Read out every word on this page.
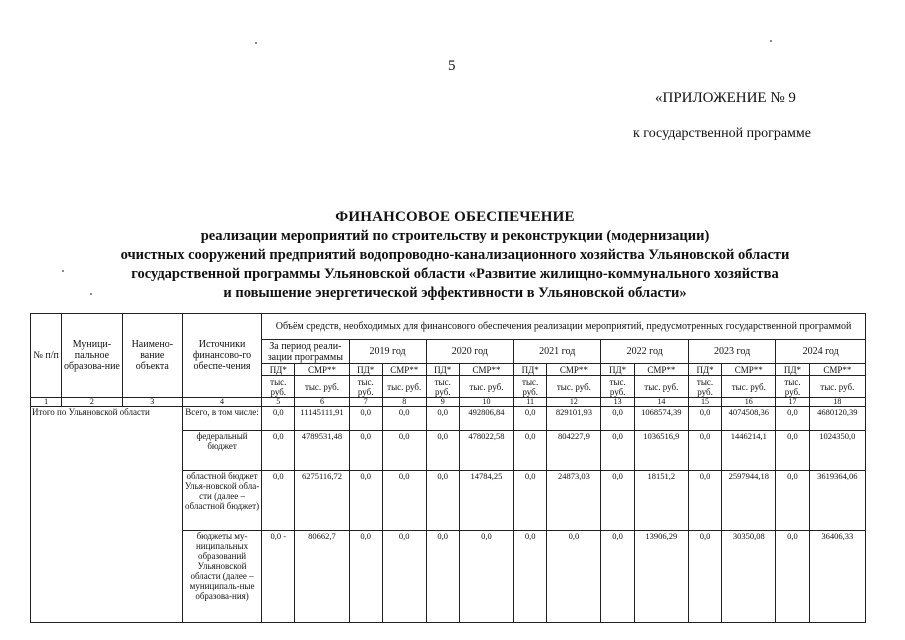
5
«ПРИЛОЖЕНИЕ № 9
к государственной программе
ФИНАНСОВОЕ ОБЕСПЕЧЕНИЕ
реализации мероприятий по строительству и реконструкции (модернизации)
очистных сооружений предприятий водопроводно-канализационного хозяйства Ульяновской области
государственной программы Ульяновской области «Развитие жилищно-коммунального хозяйства
и повышение энергетической эффективности в Ульяновской области»
№ п/п	Муници-пальное образова-ние	Наимено-вание объекта	Источники финансово-го обеспе-чения	Объём средств, необходимых для финансового обеспечения реализации мероприятий, предусмотренных государственной программой													
				За период реали-зации программы		2019 год		2020 год		2021 год		2022 год		2023 год		2024 год	
				ПД*	СМР**	ПД*	СМР**	ПД*	СМР**	ПД*	СМР**	ПД*	СМР**	ПД*	СМР**	ПД*	СМР**
				тыс. руб.	тыс. руб.	тыс. руб.	тыс. руб.	тыс. руб.	тыс. руб.	тыс. руб.	тыс. руб.	тыс. руб.	тыс. руб.	тыс. руб.	тыс. руб.	тыс. руб.	тыс. руб.
1	2	3	4	5	6	7	8	9	10	11	12	13	14	15	16	17	18
Итого по Ульяновской области			Всего, в том числе:	0,0	11145111,91	0,0	0,0	0,0	492806,84	0,0	829101,93	0,0	1068574,39	0,0	4074508,36	0,0	4680120,39
			федеральный бюджет	0,0	4789531,48	0,0	0,0	0,0	478022,58	0,0	804227,9	0,0	1036516,9	0,0	1446214,1	0,0	1024350,0
			областной бюджет Улья-новской обла-сти (далее – областной бюджет)	0,0	6275116,72	0,0	0,0	0,0	14784,25	0,0	24873,03	0,0	18151,2	0,0	2597944,18	0,0	3619364,06
			бюджеты му-ниципальных образований Ульяновской области (далее – муниципаль-ные образова-ния)	0,0 -	80662,7	0,0	0,0	0,0	0,0	0,0	0,0	0,0	13906,29	0,0	30350,08	0,0	36406,33
